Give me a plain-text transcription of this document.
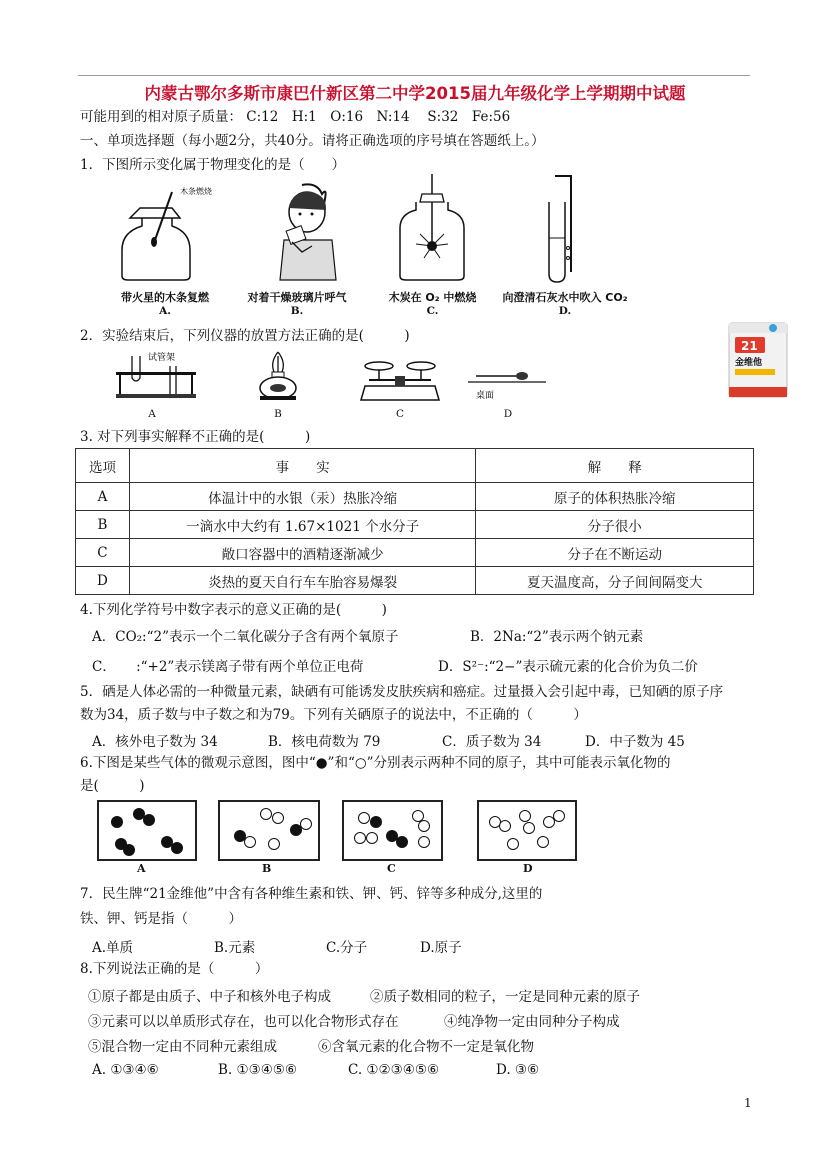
内蒙古鄂尔多斯市康巴什新区第二中学2015届九年级化学上学期期中试题
可能用到的相对原子质量： C:12　H:1　O:16　N:14　 S:32　Fe:56
一、单项选择题（每小题2分，共40分。请将正确选项的序号填在答题纸上。）
1．下图所示变化属于物理变化的是（　　）
木条燃烧
带火星的木条复燃
A.
对着干燥玻璃片呼气
B.
木炭在 O₂ 中燃烧
C.
向澄清石灰水中吹入 CO₂
D.
2．实验结束后，下列仪器的放置方法正确的是(　　　)
试管架
A	B	C
桌面
D
21
金维他
3. 对下列事实解释不正确的是(　　　)
选项	事　　实	解　　释
A	体温计中的水银（汞）热胀冷缩	原子的体积热胀冷缩
B	一滴水中大约有 1.67×1021 个水分子	分子很小
C	敞口容器中的酒精逐渐减少	分子在不断运动
D	炎热的夏天自行车车胎容易爆裂	夏天温度高，分子间间隔变大
4.下列化学符号中数字表示的意义正确的是(　　　)
A．CO₂:“2”表示一个二氧化碳分子含有两个氧原子	B．2Na:“2”表示两个钠元素
C．　　:“+2”表示镁离子带有两个单位正电荷	D．S²⁻:“2−”表示硫元素的化合价为负二价
5．硒是人体必需的一种微量元素，缺硒有可能诱发皮肤疾病和癌症。过量摄入会引起中毒，已知硒的原子序
数为34，质子数与中子数之和为79。下列有关硒原子的说法中，不正确的（　　　）
A．核外电子数为 34	B．核电荷数为 79	C．质子数为 34	D．中子数为 45
6.下图是某些气体的微观示意图，图中“●”和“○”分别表示两种不同的原子，其中可能表示氧化物的
是(　　　)
A	B	C	D
7．民生牌“21金维他”中含有各种维生素和铁、钾、钙、锌等多种成分,这里的
铁、钾、钙是指（　　　）
A.单质	B.元素	C.分子	D.原子
8.下列说法正确的是（　　　）
①原子都是由质子、中子和核外电子构成	②质子数相同的粒子，一定是同种元素的原子
③元素可以以单质形式存在，也可以化合物形式存在	④纯净物一定由同种分子构成
⑤混合物一定由不同种元素组成	⑥含氧元素的化合物不一定是氧化物
A. ①③④⑥	B. ①③④⑤⑥	C. ①②③④⑤⑥	D. ③⑥
1
